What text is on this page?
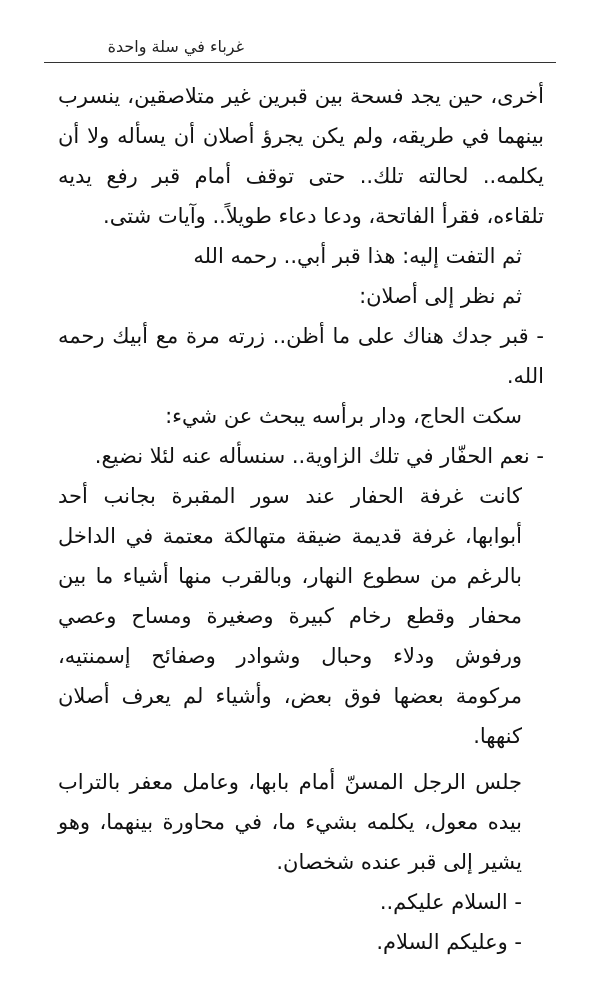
غرباء في سلة واحدة

أخرى، حين يجد فسحة بين قبرين غير متلاصقين، ينسرب بينهما في طريقه، ولم يكن يجرؤ أصلان أن يسأله ولا أن يكلمه.. لحالته تلك.. حتى توقف أمام قبر رفع يديه تلقاءه، فقرأ الفاتحة، ودعا دعاء طويلاً.. وآيات شتى.

ثم التفت إليه: هذا قبر أبي.. رحمه الله

ثم نظر إلى أصلان:

- قبر جدك هناك على ما أظن.. زرته مرة مع أبيك رحمه الله.

سكت الحاج، ودار برأسه يبحث عن شيء:

- نعم الحفّار في تلك الزاوية.. سنسأله عنه لئلا نضيع.

كانت غرفة الحفار عند سور المقبرة بجانب أحد أبوابها، غرفة قديمة ضيقة متهالكة معتمة في الداخل بالرغم من سطوع النهار، وبالقرب منها أشياء ما بين محفار وقطع رخام كبيرة وصغيرة ومساح وعصي ورفوش ودلاء وحبال وشوادر وصفائح إسمنتيه، مركومة بعضها فوق بعض، وأشياء لم يعرف أصلان كنهها.

جلس الرجل المسنّ أمام بابها، وعامل معفر بالتراب بيده معول، يكلمه بشيء ما، في محاورة بينهما، وهو يشير إلى قبر عنده شخصان.

- السلام عليكم..

- وعليكم السلام.
